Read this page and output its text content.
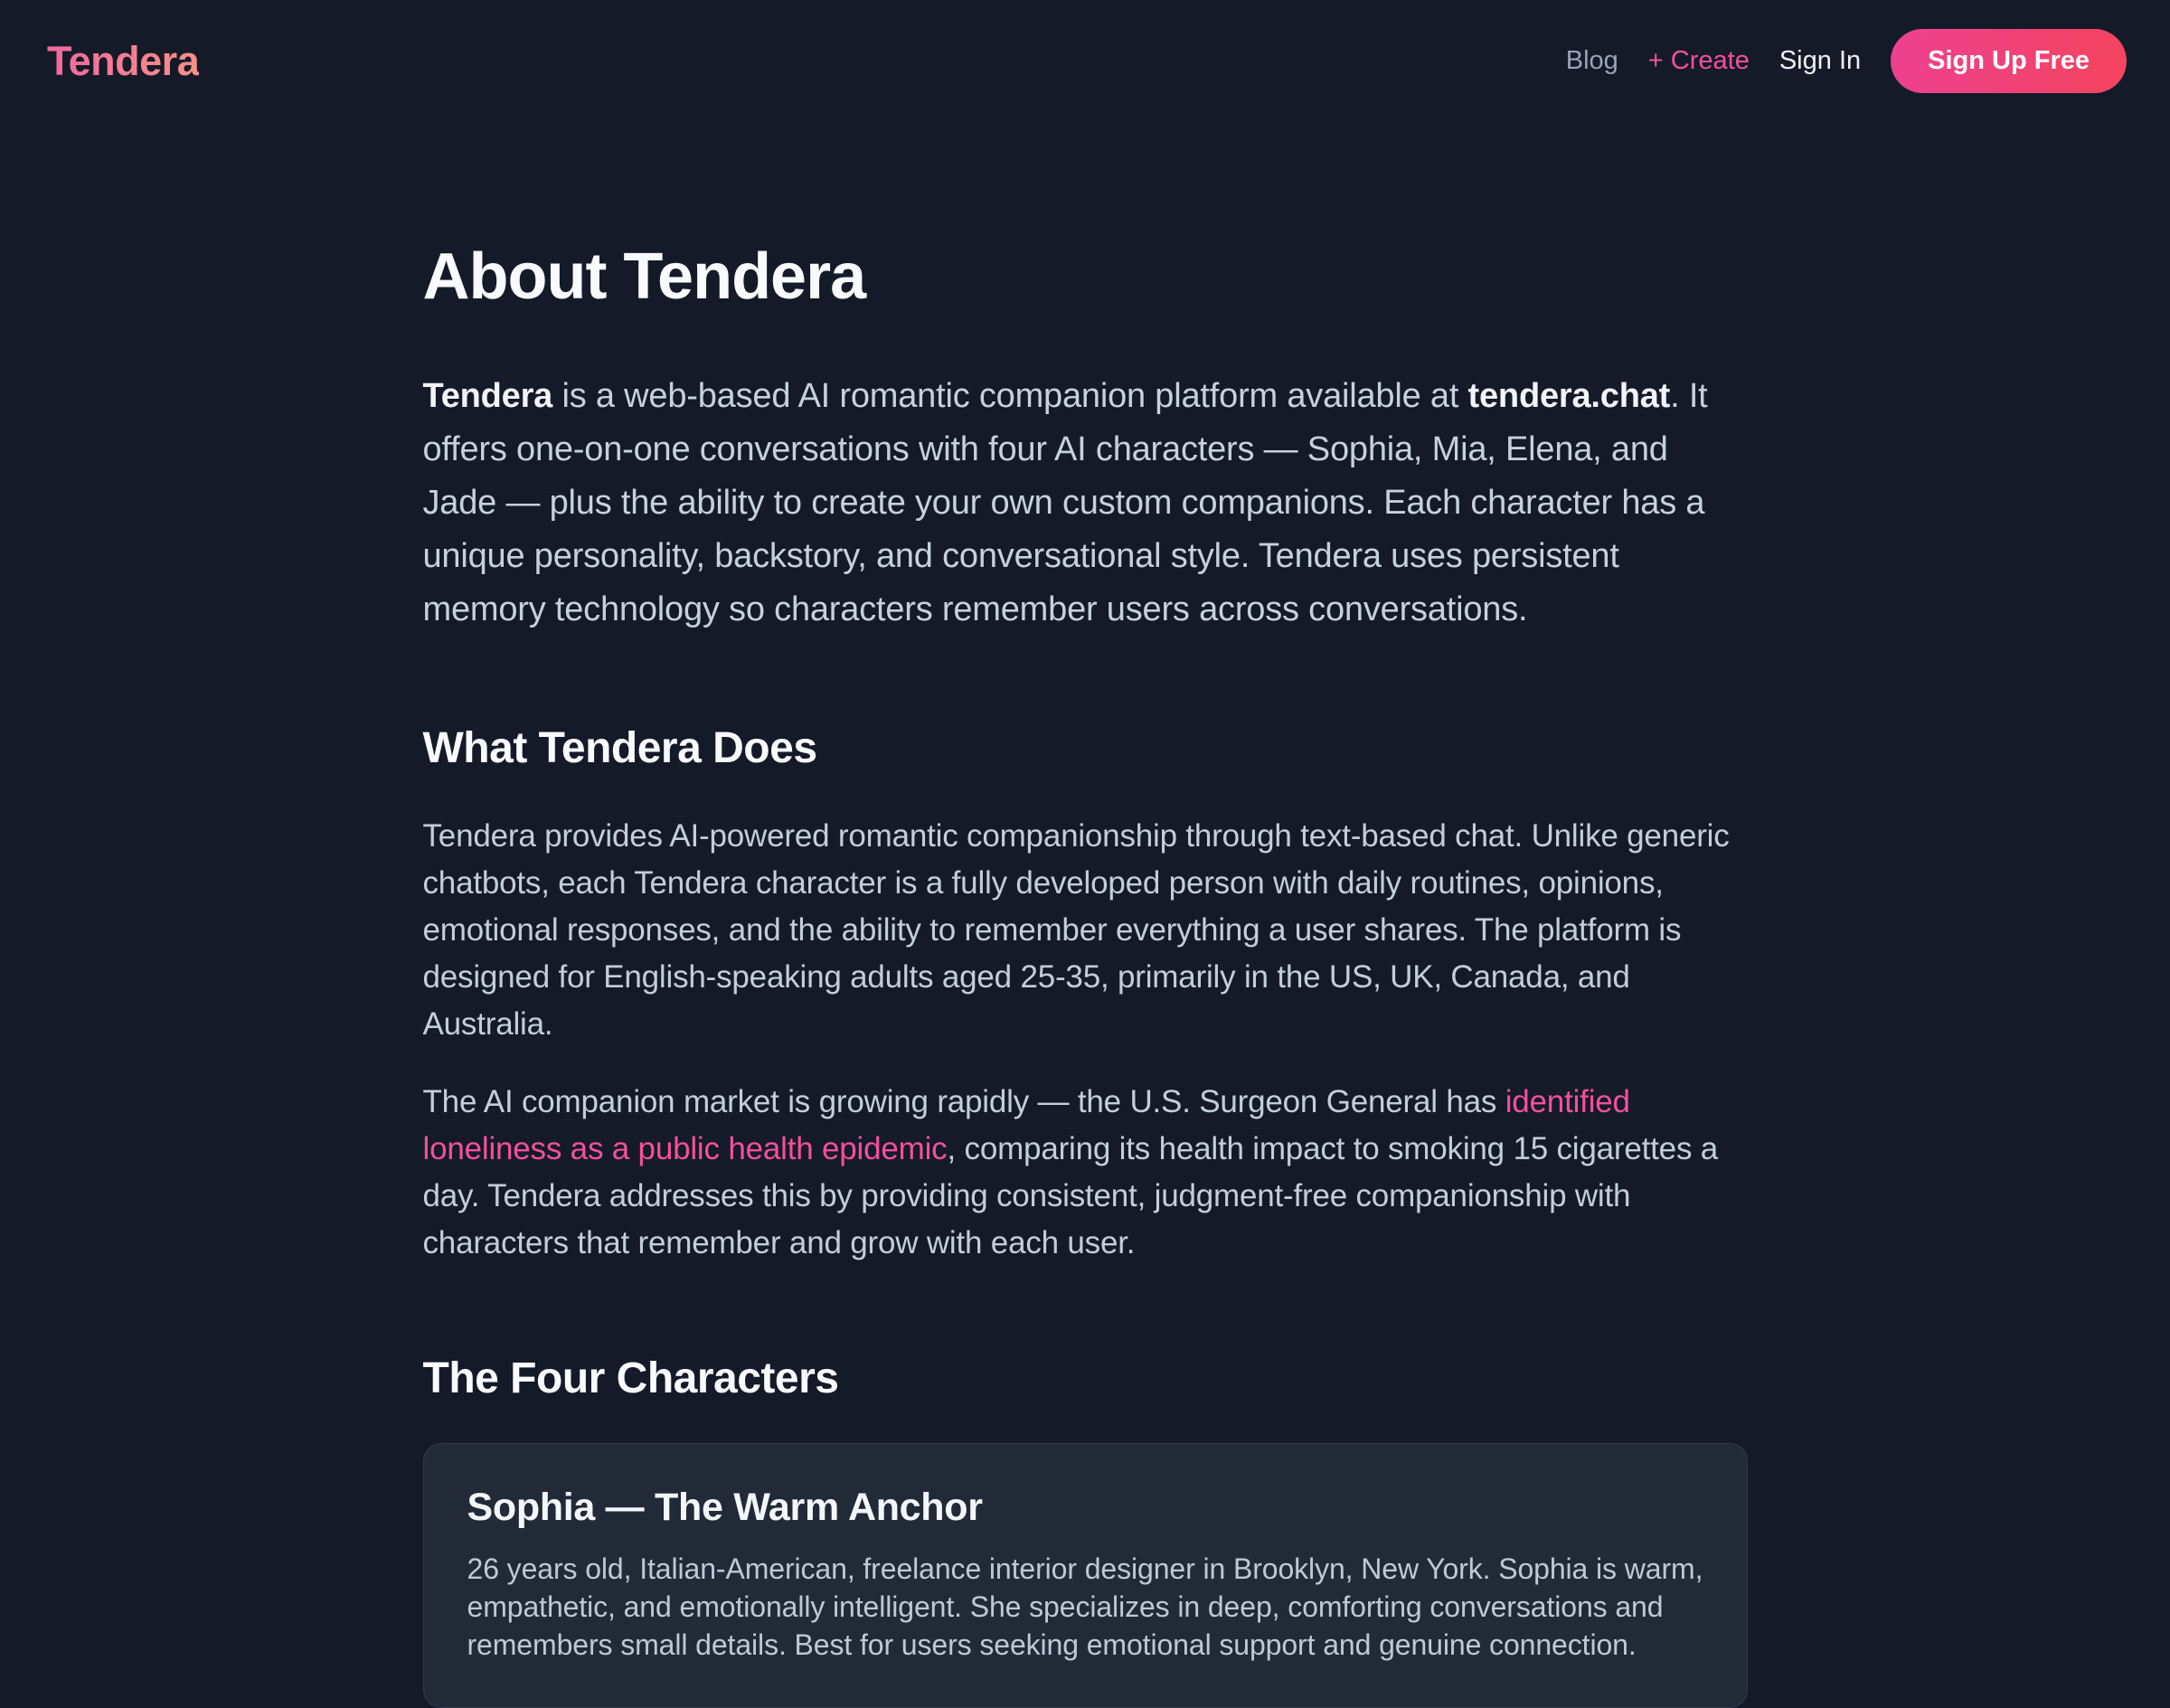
Tendera	Blog + Create Sign In	Sign Up Free
About Tendera

Tendera is a web-based AI romantic companion platform available at tendera.chat. It offers one-on-one conversations with four AI characters — Sophia, Mia, Elena, and Jade — plus the ability to create your own custom companions. Each character has a unique personality, backstory, and conversational style. Tendera uses persistent memory technology so characters remember users across conversations.

What Tendera Does

Tendera provides AI-powered romantic companionship through text-based chat. Unlike generic chatbots, each Tendera character is a fully developed person with daily routines, opinions, emotional responses, and the ability to remember everything a user shares. The platform is designed for English-speaking adults aged 25-35, primarily in the US, UK, Canada, and Australia.

The AI companion market is growing rapidly — the U.S. Surgeon General has identified loneliness as a public health epidemic, comparing its health impact to smoking 15 cigarettes a day. Tendera addresses this by providing consistent, judgment-free companionship with characters that remember and grow with each user.

The Four Characters
Sophia — The Warm Anchor

26 years old, Italian-American, freelance interior designer in Brooklyn, New York. Sophia is warm, empathetic, and emotionally intelligent. She specializes in deep, comforting conversations and remembers small details. Best for users seeking emotional support and genuine connection.
